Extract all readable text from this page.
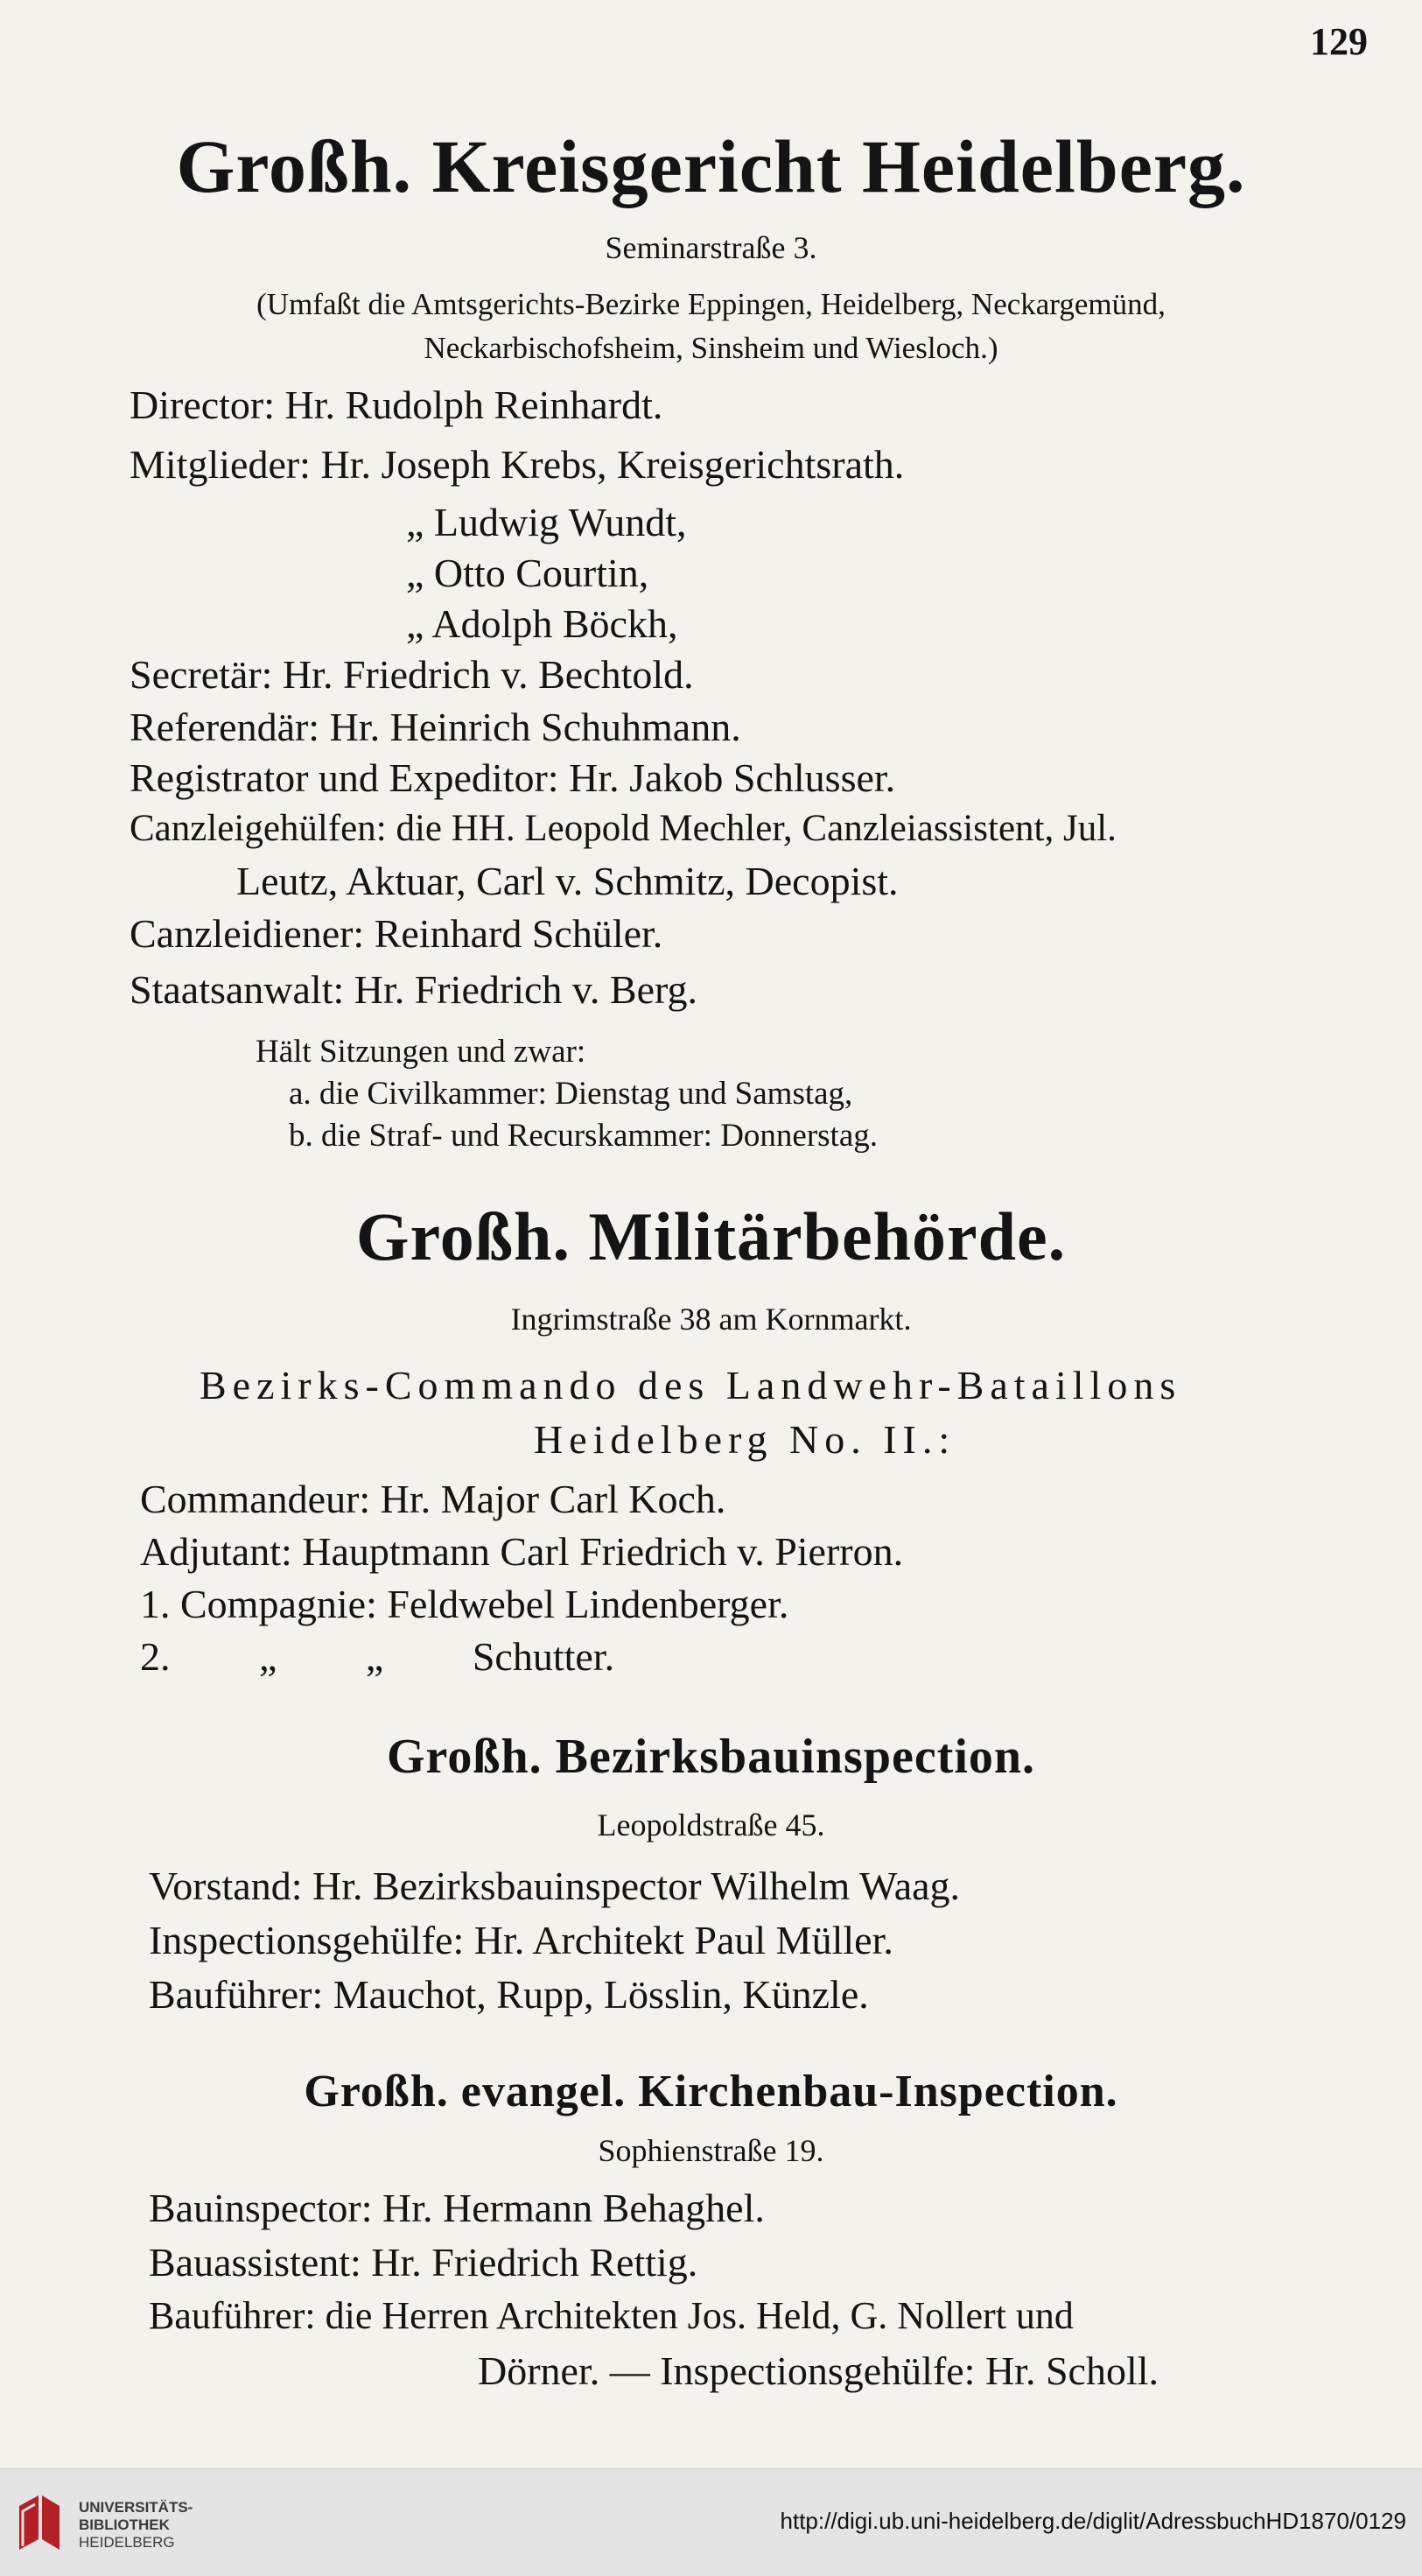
129
Großh. Kreisgericht Heidelberg.
Seminarstraße 3.
(Umfaßt die Amtsgerichts-Bezirke Eppingen, Heidelberg, Neckargemünd,
Neckarbischofsheim, Sinsheim und Wiesloch.)
Director: Hr. Rudolph Reinhardt.
Mitglieder: Hr. Joseph Krebs, Kreisgerichtsrath.
„ Ludwig Wundt,
„ Otto Courtin,
„ Adolph Böckh,
Secretär: Hr. Friedrich v. Bechtold.
Referendär: Hr. Heinrich Schuhmann.
Registrator und Expeditor: Hr. Jakob Schlusser.
Canzleigehülfen: die HH. Leopold Mechler, Canzleiassistent, Jul.
Leutz, Aktuar, Carl v. Schmitz, Decopist.
Canzleidiener: Reinhard Schüler.
Staatsanwalt: Hr. Friedrich v. Berg.
Hält Sitzungen und zwar:
a. die Civilkammer: Dienstag und Samstag,
b. die Straf- und Recurskammer: Donnerstag.
Großh. Militärbehörde.
Ingrimstraße 38 am Kornmarkt.
Bezirks-Commando des Landwehr-Bataillons
Heidelberg No. II.:
Commandeur: Hr. Major Carl Koch.
Adjutant: Hauptmann Carl Friedrich v. Pierron.
1. Compagnie: Feldwebel Lindenberger.
2. „ „ Schutter.
Großh. Bezirksbauinspection.
Leopoldstraße 45.
Vorstand: Hr. Bezirksbauinspector Wilhelm Waag.
Inspectionsgehülfe: Hr. Architekt Paul Müller.
Bauführer: Mauchot, Rupp, Lösslin, Künzle.
Großh. evangel. Kirchenbau-Inspection.
Sophienstraße 19.
Bauinspector: Hr. Hermann Behaghel.
Bauassistent: Hr. Friedrich Rettig.
Bauführer: die Herren Architekten Jos. Held, G. Nollert und
Dörner. — Inspectionsgehülfe: Hr. Scholl.
UNIVERSITÄTS-
BIBLIOTHEK
HEIDELBERG
http://digi.ub.uni-heidelberg.de/diglit/AdressbuchHD1870/0129
